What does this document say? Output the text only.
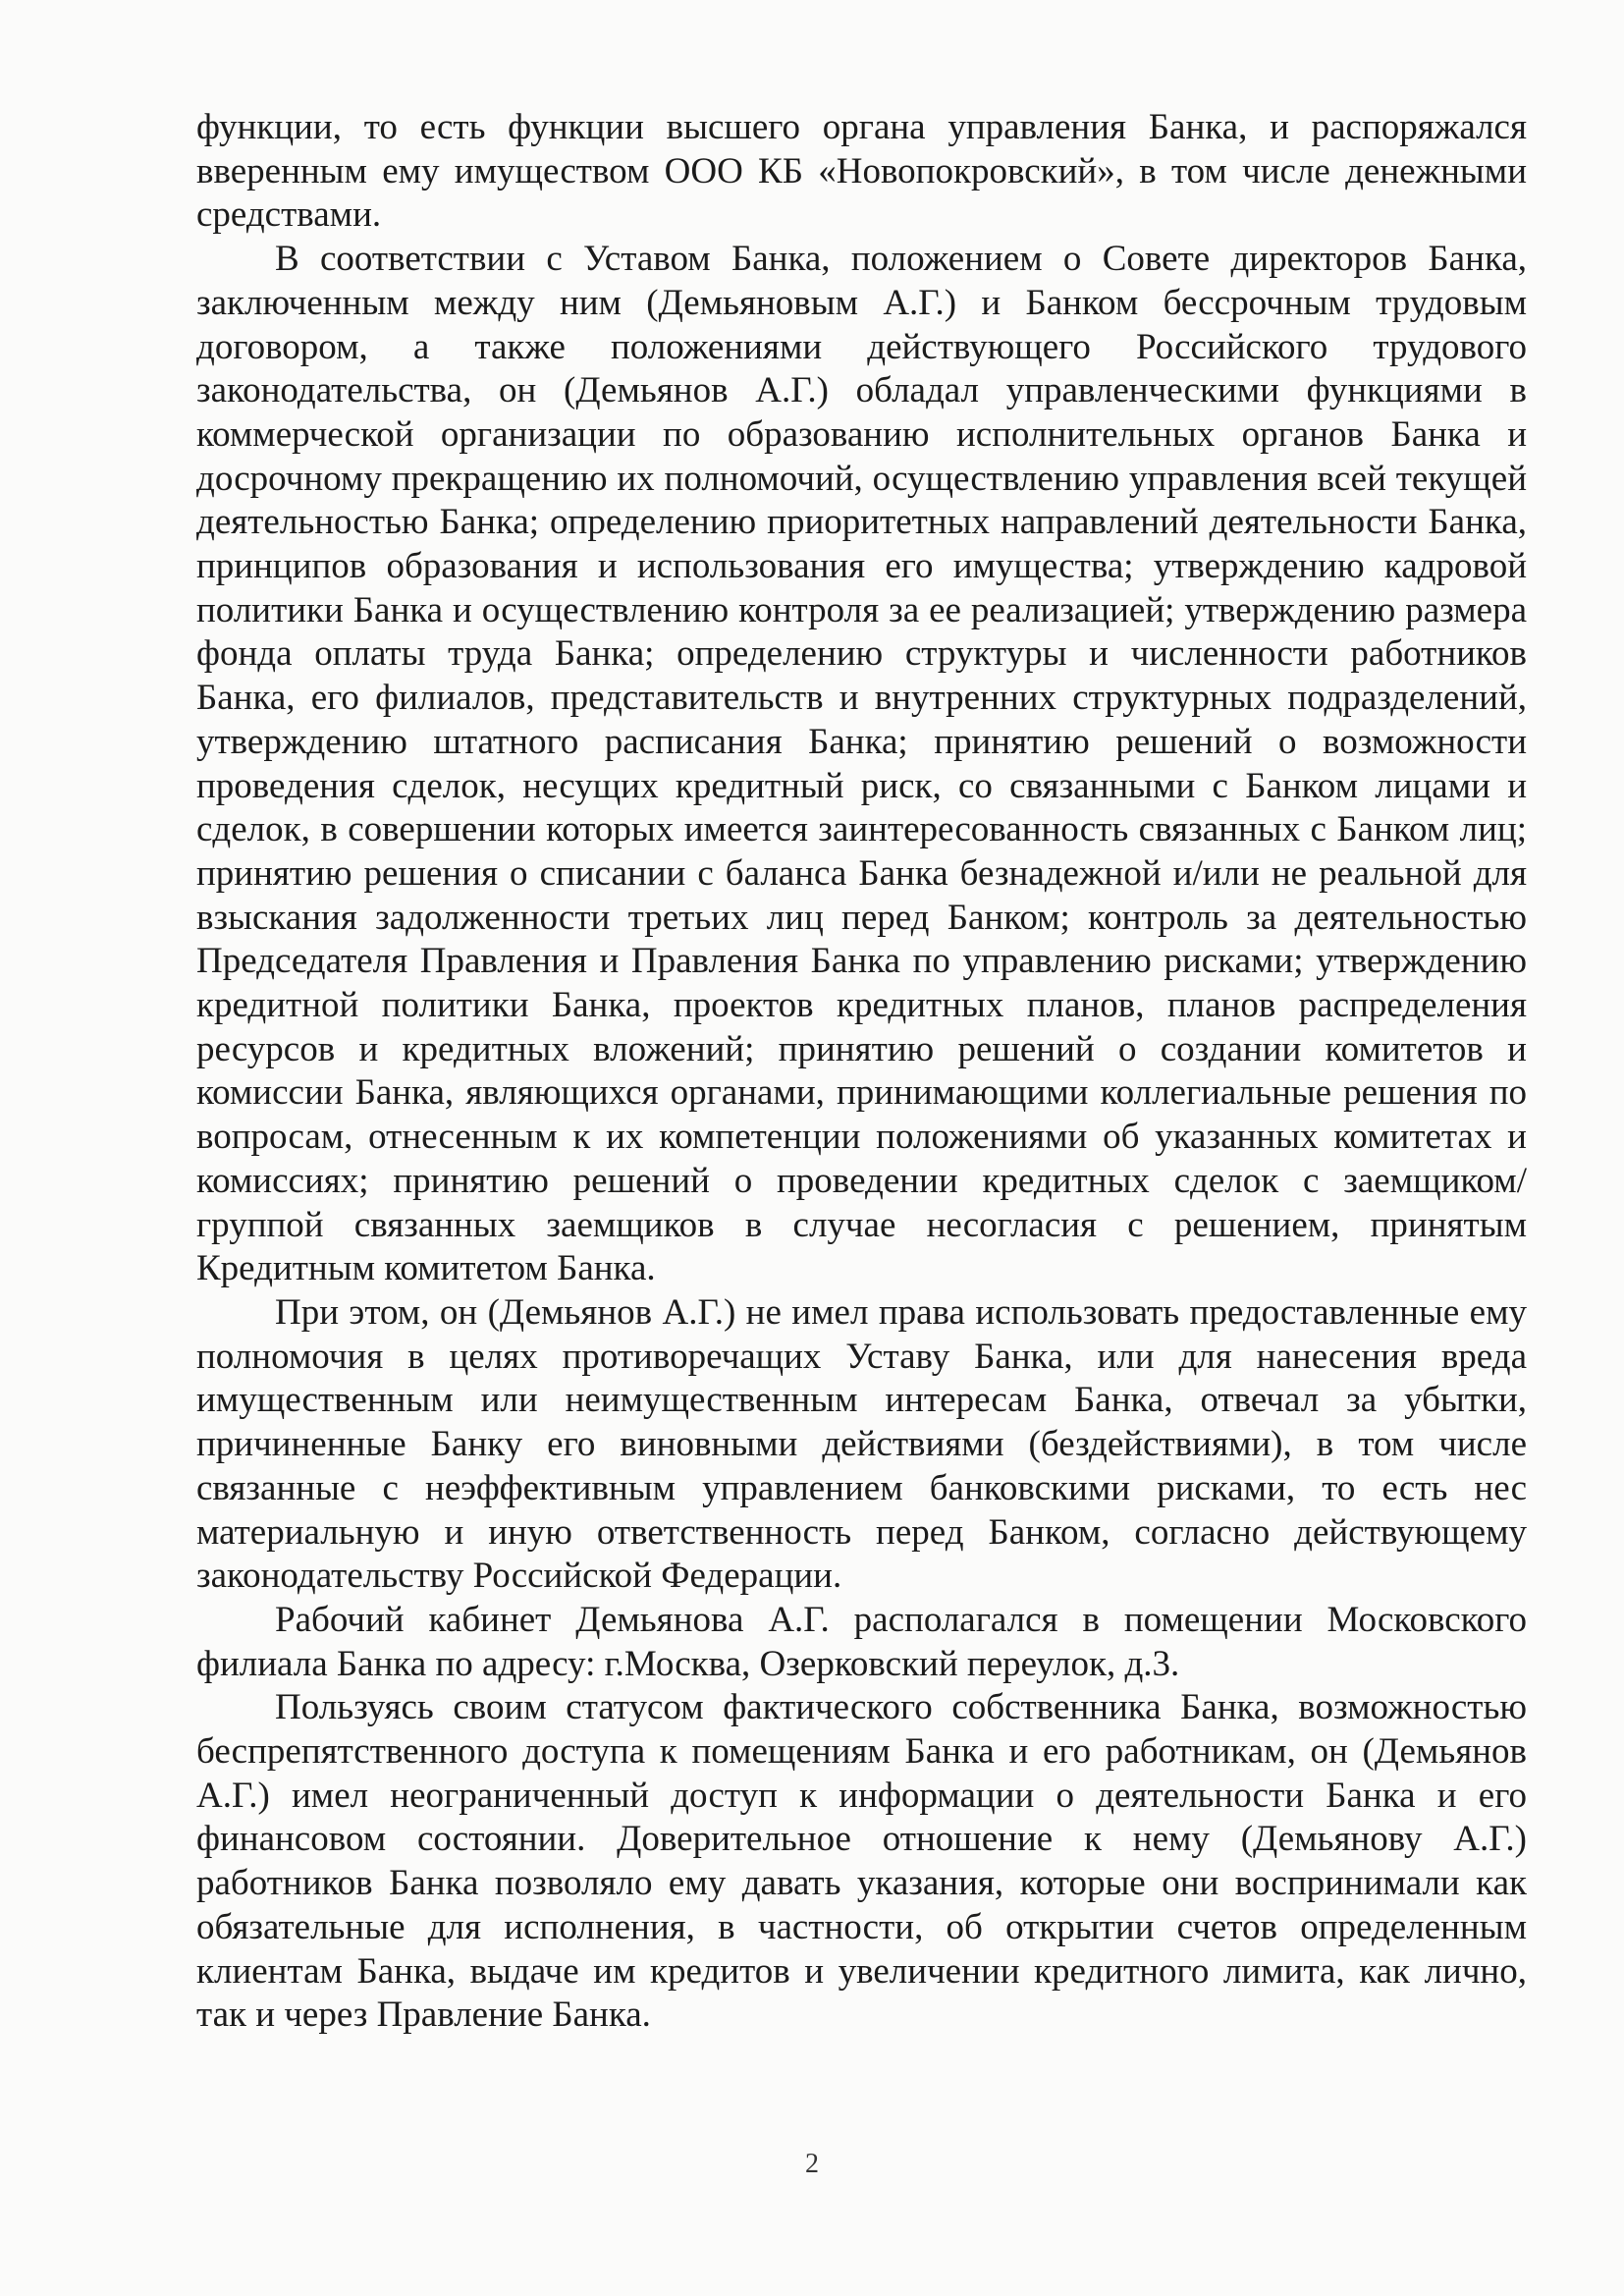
функции, то есть функции высшего органа управления Банка, и распоряжался вверенным ему имуществом ООО КБ «Новопокровский», в том числе денежными средствами.

В соответствии с Уставом Банка, положением о Совете директоров Банка, заключенным между ним (Демьяновым А.Г.) и Банком бессрочным трудовым договором, а также положениями действующего Российского трудового законодательства, он (Демьянов А.Г.) обладал управленческими функциями в коммерческой организации по образованию исполнительных органов Банка и досрочному прекращению их полномочий, осуществлению управления всей текущей деятельностью Банка; определению приоритетных направлений деятельности Банка, принципов образования и использования его имущества; утверждению кадровой политики Банка и осуществлению контроля за ее реализацией; утверждению размера фонда оплаты труда Банка; определению структуры и численности работников Банка, его филиалов, представительств и внутренних структурных подразделений, утверждению штатного расписания Банка; принятию решений о возможности проведения сделок, несущих кредитный риск, со связанными с Банком лицами и сделок, в совершении которых имеется заинтересованность связанных с Банком лиц; принятию решения о списании с баланса Банка безнадежной и/или не реальной для взыскания задолженности третьих лиц перед Банком; контроль за деятельностью Председателя Правления и Правления Банка по управлению рисками; утверждению кредитной политики Банка, проектов кредитных планов, планов распределения ресурсов и кредитных вложений; принятию решений о создании комитетов и комиссии Банка, являющихся органами, принимающими коллегиальные решения по вопросам, отнесенным к их компетенции положениями об указанных комитетах и комиссиях; принятию решений о проведении кредитных сделок с заемщиком/ группой связанных заемщиков в случае несогласия с решением, принятым Кредитным комитетом Банка.

При этом, он (Демьянов А.Г.) не имел права использовать предоставленные ему полномочия в целях противоречащих Уставу Банка, или для нанесения вреда имущественным или неимущественным интересам Банка, отвечал за убытки, причиненные Банку его виновными действиями (бездействиями), в том числе связанные с неэффективным управлением банковскими рисками, то есть нес материальную и иную ответственность перед Банком, согласно действующему законодательству Российской Федерации.

Рабочий кабинет Демьянова А.Г. располагался в помещении Московского филиала Банка по адресу: г.Москва, Озерковский переулок, д.3.

Пользуясь своим статусом фактического собственника Банка, возможностью беспрепятственного доступа к помещениям Банка и его работникам, он (Демьянов А.Г.) имел неограниченный доступ к информации о деятельности Банка и его финансовом состоянии. Доверительное отношение к нему (Демьянову А.Г.) работников Банка позволяло ему давать указания, которые они воспринимали как обязательные для исполнения, в частности, об открытии счетов определенным клиентам Банка, выдаче им кредитов и увеличении кредитного лимита, как лично, так и через Правление Банка.

2
